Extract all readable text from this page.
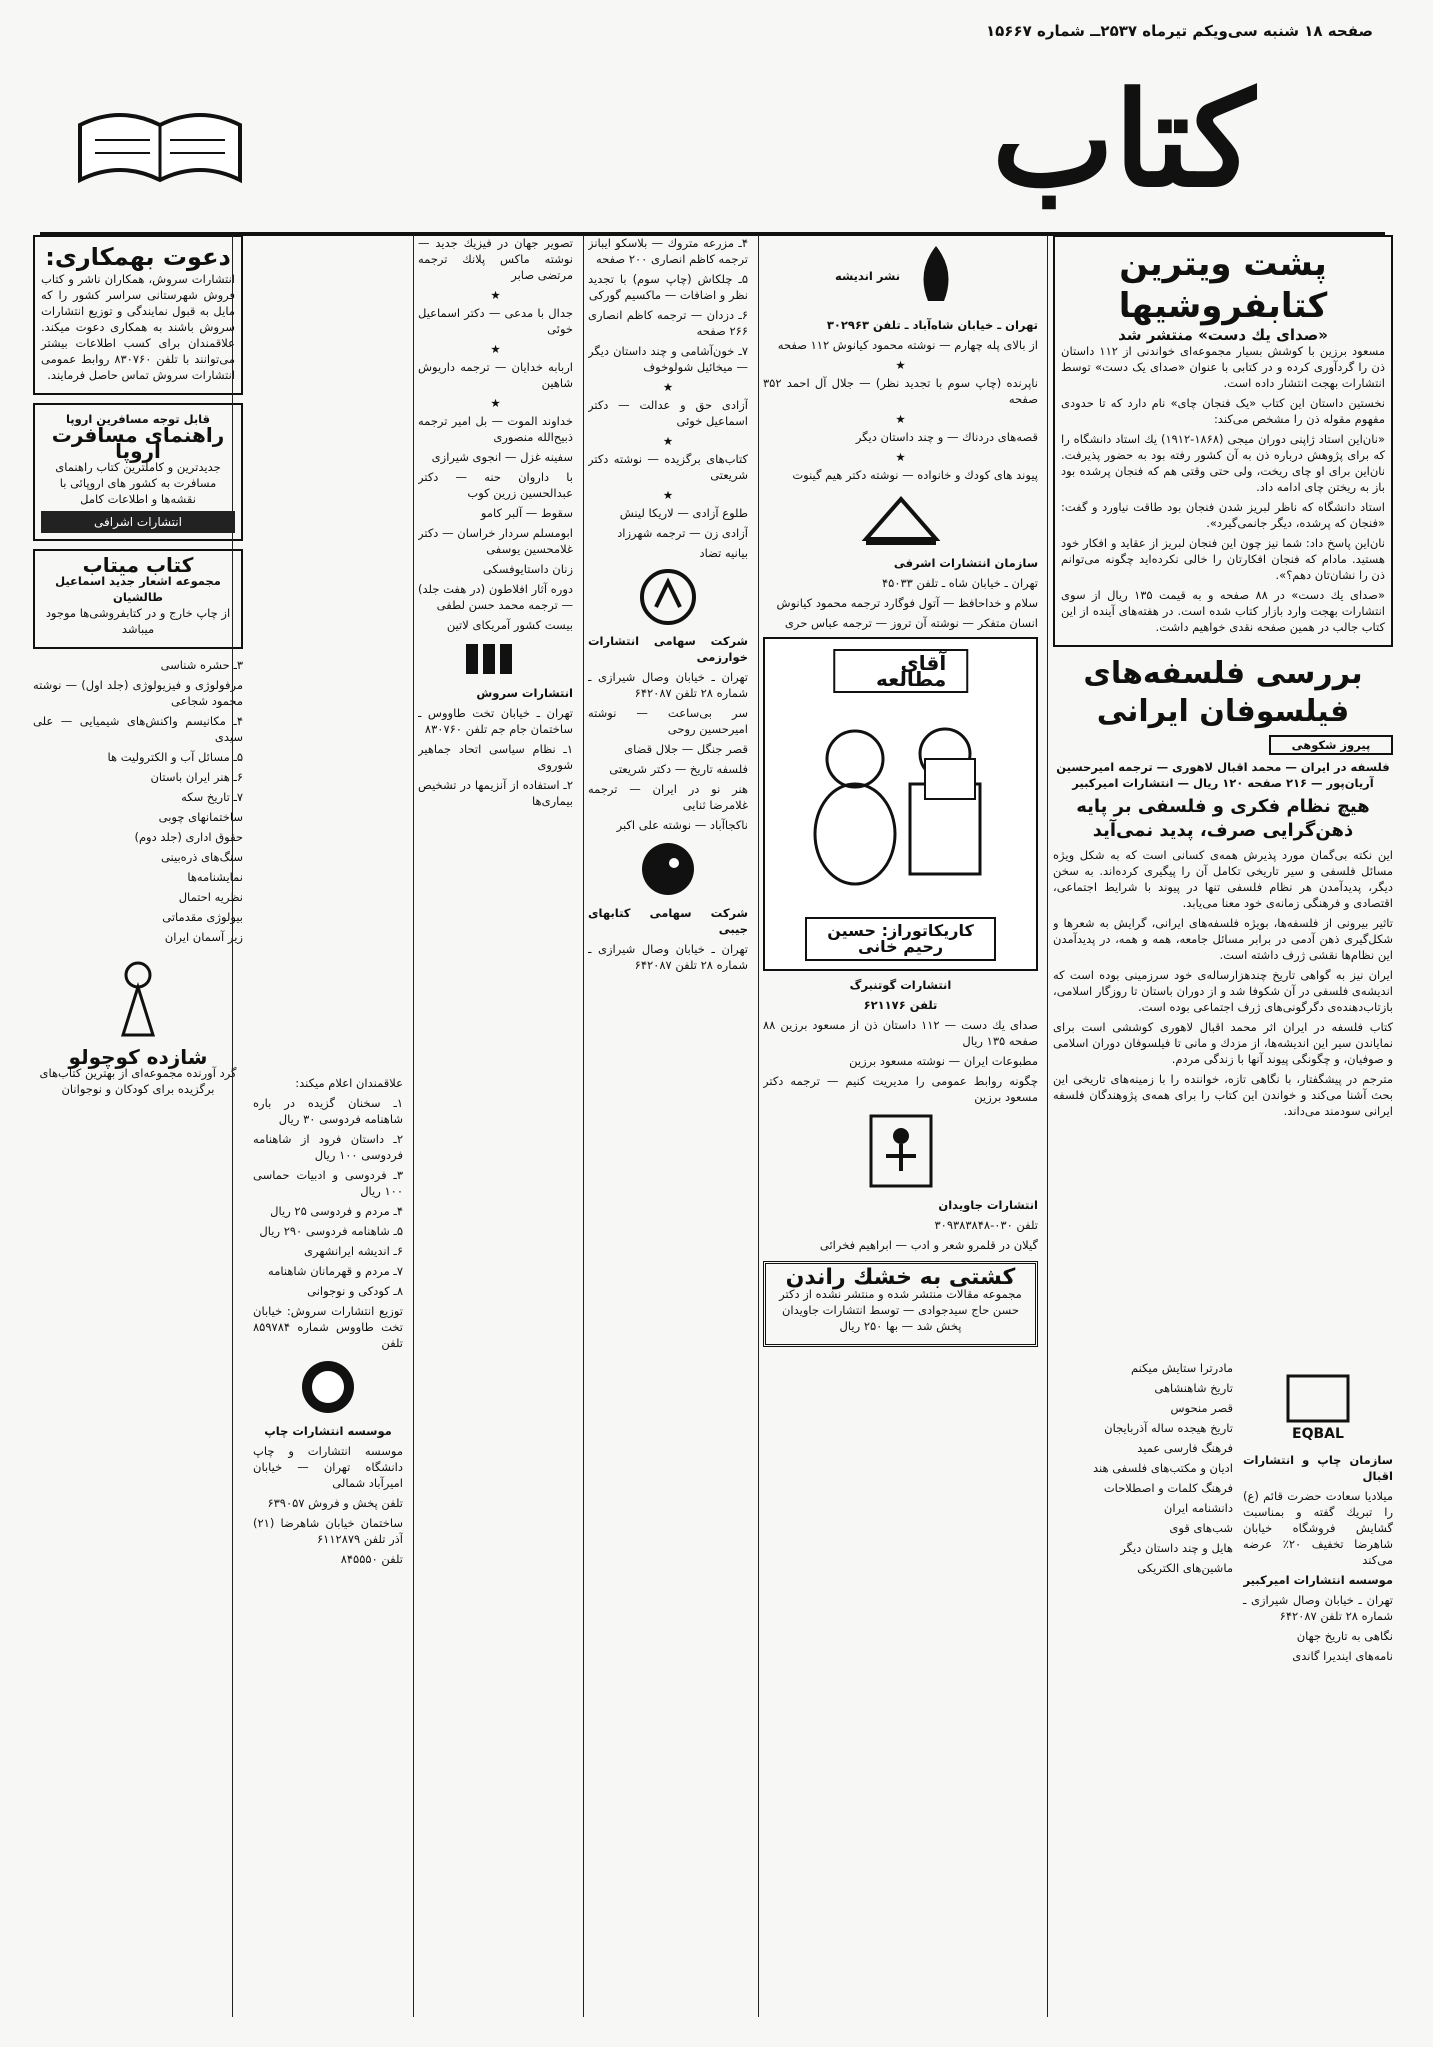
صفحه ۱۸ شنبه سی‌ویکم تیرماه ۲۵۳۷ــ شماره ۱۵۶۶۷
کتاب
پشت ویترین کتابفروشیها
«صدای یك دست» منتشر شد

مسعود برزین با کوشش بسیار مجموعه‌ای خواندنی از ۱۱۲ داستان ذن را گردآوری کرده و در کتابی با عنوان «صدای یک دست» توسط انتشارات بهجت انتشار داده است.

نخستین داستان این کتاب «یک فنجان چای» نام دارد که تا حدودی مفهوم مقوله ذن را مشخص می‌کند:

«نان‌این استاد ژاپنی دوران میجی (۱۸۶۸-۱۹۱۲) یك استاد دانشگاه را كه برای پژوهش درباره ذن به آن كشور رفته بود به حضور پذیرفت. نان‌این برای او چای ریخت، ولی حتی وقتی هم كه فنجان پرشده بود باز به ریختن چای ادامه داد.

استاد دانشگاه كه ناظر لبریز شدن فنجان بود طاقت نیاورد و گفت: «فنجان كه پرشده، دیگر جانمی‌گیرد».

نان‌این پاسخ داد: شما نیز چون این فنجان لبریز از عقاید و افكار خود هستید. مادام كه فنجان افكارتان را خالی نكرده‌اید چگونه می‌توانم ذن را نشان‌تان دهم؟».

«صدای یك دست» در ۸۸ صفحه و به قیمت ۱۳۵ ریال از سوی انتشارات بهجت وارد بازار كتاب شده است. در هفته‌های آینده از این كتاب جالب در همین صفحه نقدی خواهیم داشت.

بررسی فلسفه‌های فیلسوفان ایرانی
پیروز شكوهی

فلسفه در ایران — محمد اقبال لاهوری — ترجمه امیرحسین آریان‌پور — ۲۱۶ صفحه ۱۲۰ ریال — انتشارات امیركبیر

هیچ نظام فكری و فلسفی بر پایه ذهن‌گرایی صرف، پدید نمی‌آید

این نكته بی‌گمان مورد پذیرش همه‌ی كسانی است كه به شكل ویژه مسائل فلسفی و سیر تاریخی تكامل آن را پیگیری كرده‌اند. به سخن دیگر، پدیدآمدن هر نظام فلسفی تنها در پیوند با شرایط اجتماعی، اقتصادی و فرهنگی زمانه‌ی خود معنا می‌یابد.

تاثیر بیرونی از فلسفه‌ها، بویژه فلسفه‌های ایرانی، گرایش به شعر‌ها و شكل‌گیری ذهن آدمی در برابر مسائل جامعه، همه و همه، در پدیدآمدن این نظام‌ها نقشی ژرف داشته است.

ایران نیز به گواهی تاریخ چندهزارساله‌ی خود سرزمینی بوده است كه اندیشه‌ی فلسفی در آن شكوفا شد و از دوران باستان تا روزگار اسلامی، بازتاب‌دهنده‌ی دگرگونی‌های ژرف اجتماعی بوده است.

كتاب فلسفه در ایران اثر محمد اقبال لاهوری كوششی است برای نمایاندن سیر این اندیشه‌ها، از مزدك و مانی تا فیلسوفان دوران اسلامی و صوفیان، و چگونگی پیوند آنها با زندگی مردم.

مترجم در پیشگفتار، با نگاهی تازه، خواننده را با زمینه‌های تاریخی این بحث آشنا می‌كند و خواندن این كتاب را برای همه‌ی پژوهندگان فلسفه ایرانی سودمند می‌داند.

نشر اندیشه

تهران ـ خیابان شاه‌آباد ـ تلفن ۳۰۲۹۶۳

از بالای پله چهارم — نوشته محمود كیانوش ۱۱۲ صفحه

★

ناپرنده (چاپ سوم با تجدید نظر) — جلال آل احمد ۳۵۲ صفحه

★

قصه‌های دردناك — و چند داستان دیگر

★

پیوند های كودك و خانواده — نوشته دكتر هیم گینوت

سازمان انتشارات اشرفی

تهران ـ خیابان شاه ـ تلفن ۴۵۰۳۳

سلام و خداحافظ — آتول فوگارد ترجمه محمود كیانوش

انسان متفكر — نوشته آن تروز — ترجمه عباس حری

آقای مطالعه
كاریكاتوراز: حسین رحیم خانی

انتشارات گوتنبرگ

تلفن ۶۲۱۱۷۶

صدای یك دست — ۱۱۲ داستان ذن از مسعود برزین ۸۸ صفحه ۱۳۵ ریال

مطبوعات ایران — نوشته مسعود برزین

چگونه روابط عمومی را مدیریت كنیم — ترجمه دكتر مسعود برزین

انتشارات جاویدان

تلفن ۰۳۰-۳۰۹۳۸۳۸۴۸

گیلان در قلمرو شعر و ادب — ابراهیم فخرائی

كشتی به خشك راندن

مجموعه مقالات منتشر شده و منتشر نشده از دكتر حسن حاج سیدجوادی — توسط انتشارات جاویدان پخش شد — بها ۲۵۰ ریال

۴ـ مزرعه متروك — بلاسكو ایبانز ترجمه كاظم انصاری ۲۰۰ صفحه

۵ـ چلكاش (چاپ سوم) با تجدید نظر و اضافات — ماكسیم گوركی

۶ـ دزدان — ترجمه كاظم انصاری ۲۶۶ صفحه

۷ـ خون‌آشامی و چند داستان دیگر — میخائیل شولوخوف

★

آزادی حق و عدالت — دكتر اسماعیل خوئی

★

كتاب‌های برگزیده — نوشته دكتر شریعتی

★

طلوع آزادی — لاریكا لینش

آزادی زن — ترجمه شهرزاد

بیانیه تضاد

شركت سهامی انتشارات خوارزمی

تهران ـ خیابان وصال شیرازی ـ شماره ۲۸ تلفن ۶۴۲۰۸۷

سر بی‌ساعت — نوشته امیرحسین روحی

قصر جنگل — جلال قضای

فلسفه تاریخ — دكتر شریعتی

هنر نو در ایران — ترجمه غلامرضا ثنایی

ناكجاآباد — نوشته علی اكبر

شركت سهامی كتابهای جیبی

تهران ـ خیابان وصال شیرازی ـ شماره ۲۸ تلفن ۶۴۲۰۸۷

تصویر جهان در فیزیك جدید — نوشته ماكس پلانك ترجمه مرتضی صابر

★

جدال با مدعی — دكتر اسماعیل خوئی

★

اربابه خدایان — ترجمه داریوش شاهین

★

خداوند الموت — بل امیر ترجمه ذبیح‌الله منصوری

سفینه غزل — انجوی شیرازی

با داروان حنه — دكتر عبدالحسین زرین كوب

سقوط — آلبر كامو

ابومسلم سردار خراسان — دكتر غلامحسین یوسفی

زنان داستایوفسكی

دوره آثار افلاطون (در هفت جلد) — ترجمه محمد حسن لطفی

بیست كشور آمریكای لاتین

انتشارات سروش

تهران ـ خیابان تخت طاووس ـ ساختمان جام جم تلفن ۸۳۰۷۶۰

۱ـ نظام سیاسی اتحاد جماهیر شوروی

۲ـ استفاده از آنزیمها در تشخیص بیماری‌ها

علاقمندان اعلام میكند:

۱ـ سخنان گزیده در باره شاهنامه فردوسی ۳۰ ریال

۲ـ داستان فرود از شاهنامه فردوسی ۱۰۰ ریال

۳ـ فردوسی و ادبیات حماسی ۱۰۰ ریال

۴ـ مردم و فردوسی ۲۵ ریال

۵ـ شاهنامه فردوسی ۲۹۰ ریال

۶ـ اندیشه ایرانشهری

۷ـ مردم و قهرمانان شاهنامه

۸ـ كودكی و نوجوانی

توزیع انتشارات سروش: خیابان تخت طاووس شماره ۸۵۹۷۸۴ تلفن

موسسه انتشارات چاپ

موسسه انتشارات و چاپ دانشگاه تهران — خیابان امیرآباد شمالی

تلفن پخش و فروش ۶۳۹۰۵۷

ساختمان خیابان شاهرضا (۲۱) آذر تلفن ۶۱۱۲۸۷۹

تلفن ۸۴۵۵۵۰

دعوت بهمكاری:

انتشارات سروش، همكاران ناشر و كتاب فروش شهرستانی سراسر كشور را كه مایل به قبول نمایندگی و توزیع انتشارات سروش باشند به همكاری دعوت میكند. علاقمندان برای كسب اطلاعات بیشتر می‌توانند با تلفن ۸۳۰۷۶۰ روابط عمومی انتشارات سروش تماس حاصل فرمایند.

قابل توجه مسافرین اروپا
راهنمای مسافرت اروپا

جدیدترین و كاملترین كتاب راهنمای مسافرت به كشور های اروپائی با نقشه‌ها و اطلاعات كامل

انتشارات اشرافی
كتاب میتاب
مجموعه اشعار جدید اسماعیل طالشیان

از چاپ خارج و در كتابفروشی‌ها موجود میباشد

۳ـ حشره شناسی

مرفولوژی و فیزیولوژی (جلد اول) — نوشته محمود شجاعی

۴ـ مكانیسم واكنش‌های شیمیایی — علی سیدی

۵ـ مسائل آب و الكترولیت ها

۶ـ هنر ایران باستان

۷ـ تاریخ سكه

ساختمانهای چوبی

حقوق اداری (جلد دوم)

سنگ‌های ذره‌بینی

نمایشنامه‌ها

نظریه احتمال

بیولوژی مقدماتی

زیر آسمان ایران

شازده کوچولو

گرد آورنده مجموعه‌ای از بهترین كتاب‌های برگزیده برای كودكان و نوجوانان

EQBAL

سازمان چاپ و انتشارات اقبال

میلادیا سعادت حضرت قائم (ع) را تبریك گفته و بمناسبت گشایش فروشگاه خیابان شاهرضا تخفیف ۲۰٪ عرضه می‌كند

موسسه انتشارات امیركبیر

تهران ـ خیابان وصال شیرازی ـ شماره ۲۸ تلفن ۶۴۲۰۸۷

نگاهی به تاریخ جهان

نامه‌های ایندیرا گاندی

مادرترا ستایش میكنم

تاریخ شاهنشاهی

قصر منحوس

تاریخ هیجده ساله آذربایجان

فرهنگ فارسی عمید

ادیان و مكتب‌های فلسفی هند

فرهنگ كلمات و اصطلاحات

دانشنامه ایران

شب‌های قوی

هایل و چند داستان دیگر

ماشین‌های الكتریكی
